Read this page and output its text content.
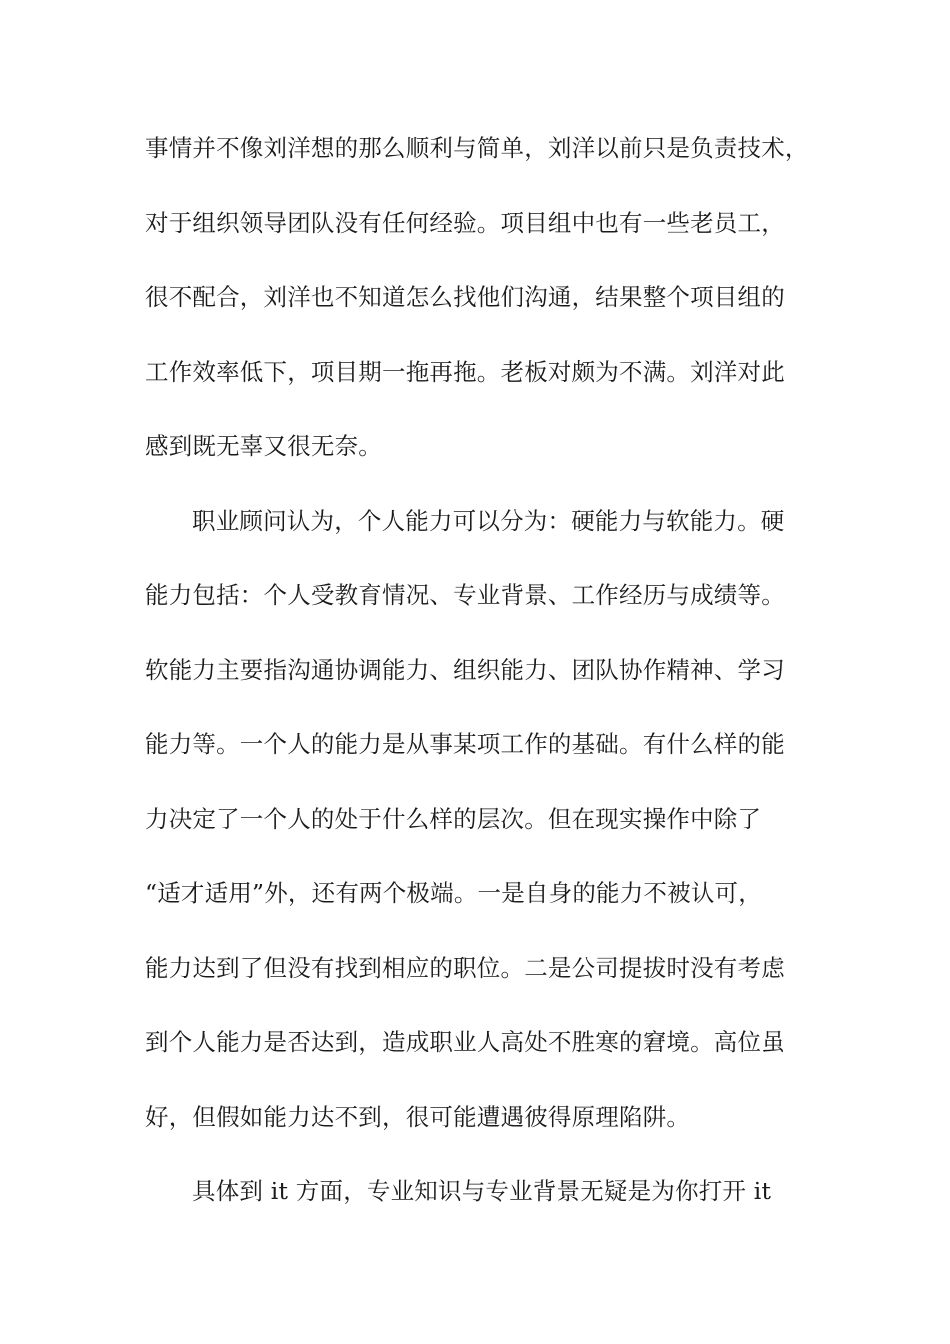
事情并不像刘洋想的那么顺利与简单，刘洋以前只是负责技术，
对于组织领导团队没有任何经验。项目组中也有一些老员工，
很不配合，刘洋也不知道怎么找他们沟通，结果整个项目组的
工作效率低下，项目期一拖再拖。老板对颇为不满。刘洋对此
感到既无辜又很无奈。
职业顾问认为，个人能力可以分为：硬能力与软能力。硬
能力包括：个人受教育情况、专业背景、工作经历与成绩等。
软能力主要指沟通协调能力、组织能力、团队协作精神、学习
能力等。一个人的能力是从事某项工作的基础。有什么样的能
力决定了一个人的处于什么样的层次。但在现实操作中除了
“适才适用”外，还有两个极端。一是自身的能力不被认可，
能力达到了但没有找到相应的职位。二是公司提拔时没有考虑
到个人能力是否达到，造成职业人高处不胜寒的窘境。高位虽
好，但假如能力达不到，很可能遭遇彼得原理陷阱。
具体到 it 方面，专业知识与专业背景无疑是为你打开 it
